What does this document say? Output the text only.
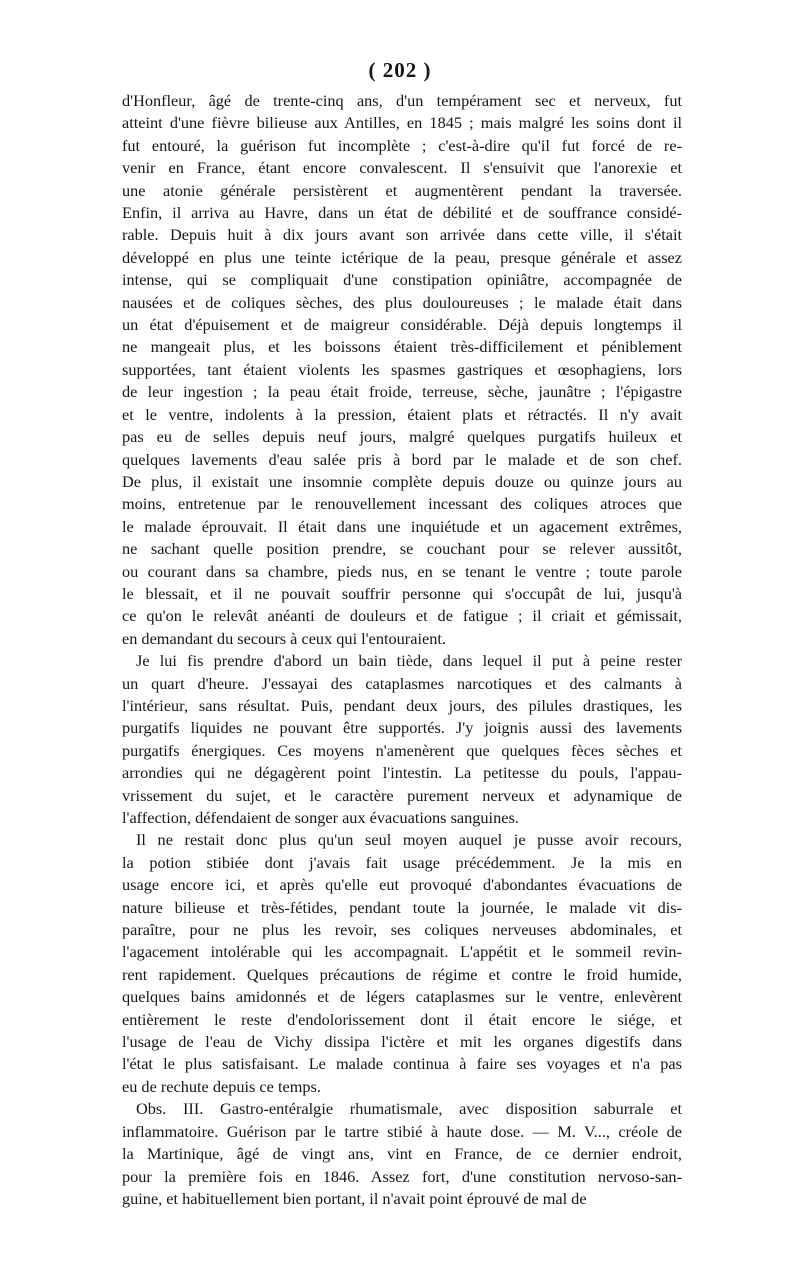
( 202 )
d'Honfleur, âgé de trente-cinq ans, d'un tempérament sec et nerveux, fut
atteint d'une fièvre bilieuse aux Antilles, en 1845 ; mais malgré les soins dont il
fut entouré, la guérison fut incomplète ; c'est-à-dire qu'il fut forcé de re-
venir en France, étant encore convalescent. Il s'ensuivit que l'anorexie et
une atonie générale persistèrent et augmentèrent pendant la traversée.
Enfin, il arriva au Havre, dans un état de débilité et de souffrance considé-
rable. Depuis huit à dix jours avant son arrivée dans cette ville, il s'était
développé en plus une teinte ictérique de la peau, presque générale et assez
intense, qui se compliquait d'une constipation opiniâtre, accompagnée de
nausées et de coliques sèches, des plus douloureuses ; le malade était dans
un état d'épuisement et de maigreur considérable. Déjà depuis longtemps il
ne mangeait plus, et les boissons étaient très-difficilement et péniblement
supportées, tant étaient violents les spasmes gastriques et œsophagiens, lors
de leur ingestion ; la peau était froide, terreuse, sèche, jaunâtre ; l'épigastre
et le ventre, indolents à la pression, étaient plats et rétractés. Il n'y avait
pas eu de selles depuis neuf jours, malgré quelques purgatifs huileux et
quelques lavements d'eau salée pris à bord par le malade et de son chef.
De plus, il existait une insomnie complète depuis douze ou quinze jours au
moins, entretenue par le renouvellement incessant des coliques atroces que
le malade éprouvait. Il était dans une inquiétude et un agacement extrêmes,
ne sachant quelle position prendre, se couchant pour se relever aussitôt,
ou courant dans sa chambre, pieds nus, en se tenant le ventre ; toute parole
le blessait, et il ne pouvait souffrir personne qui s'occupât de lui, jusqu'à
ce qu'on le relevât anéanti de douleurs et de fatigue ; il criait et gémissait,
en demandant du secours à ceux qui l'entouraient.
Je lui fis prendre d'abord un bain tiède, dans lequel il put à peine rester
un quart d'heure. J'essayai des cataplasmes narcotiques et des calmants à
l'intérieur, sans résultat. Puis, pendant deux jours, des pilules drastiques, les
purgatifs liquides ne pouvant être supportés. J'y joignis aussi des lavements
purgatifs énergiques. Ces moyens n'amenèrent que quelques fèces sèches et
arrondies qui ne dégagèrent point l'intestin. La petitesse du pouls, l'appau-
vrissement du sujet, et le caractère purement nerveux et adynamique de
l'affection, défendaient de songer aux évacuations sanguines.
Il ne restait donc plus qu'un seul moyen auquel je pusse avoir recours,
la potion stibiée dont j'avais fait usage précédemment. Je la mis en
usage encore ici, et après qu'elle eut provoqué d'abondantes évacuations de
nature bilieuse et très-fétides, pendant toute la journée, le malade vit dis-
paraître, pour ne plus les revoir, ses coliques nerveuses abdominales, et
l'agacement intolérable qui les accompagnait. L'appétit et le sommeil revin-
rent rapidement. Quelques précautions de régime et contre le froid humide,
quelques bains amidonnés et de légers cataplasmes sur le ventre, enlevèrent
entièrement le reste d'endolorissement dont il était encore le siége, et
l'usage de l'eau de Vichy dissipa l'ictère et mit les organes digestifs dans
l'état le plus satisfaisant. Le malade continua à faire ses voyages et n'a pas
eu de rechute depuis ce temps.
Obs. III. Gastro-entéralgie rhumatismale, avec disposition saburrale et
inflammatoire. Guérison par le tartre stibié à haute dose. — M. V..., créole de
la Martinique, âgé de vingt ans, vint en France, de ce dernier endroit,
pour la première fois en 1846. Assez fort, d'une constitution nervoso-san-
guine, et habituellement bien portant, il n'avait point éprouvé de mal de
